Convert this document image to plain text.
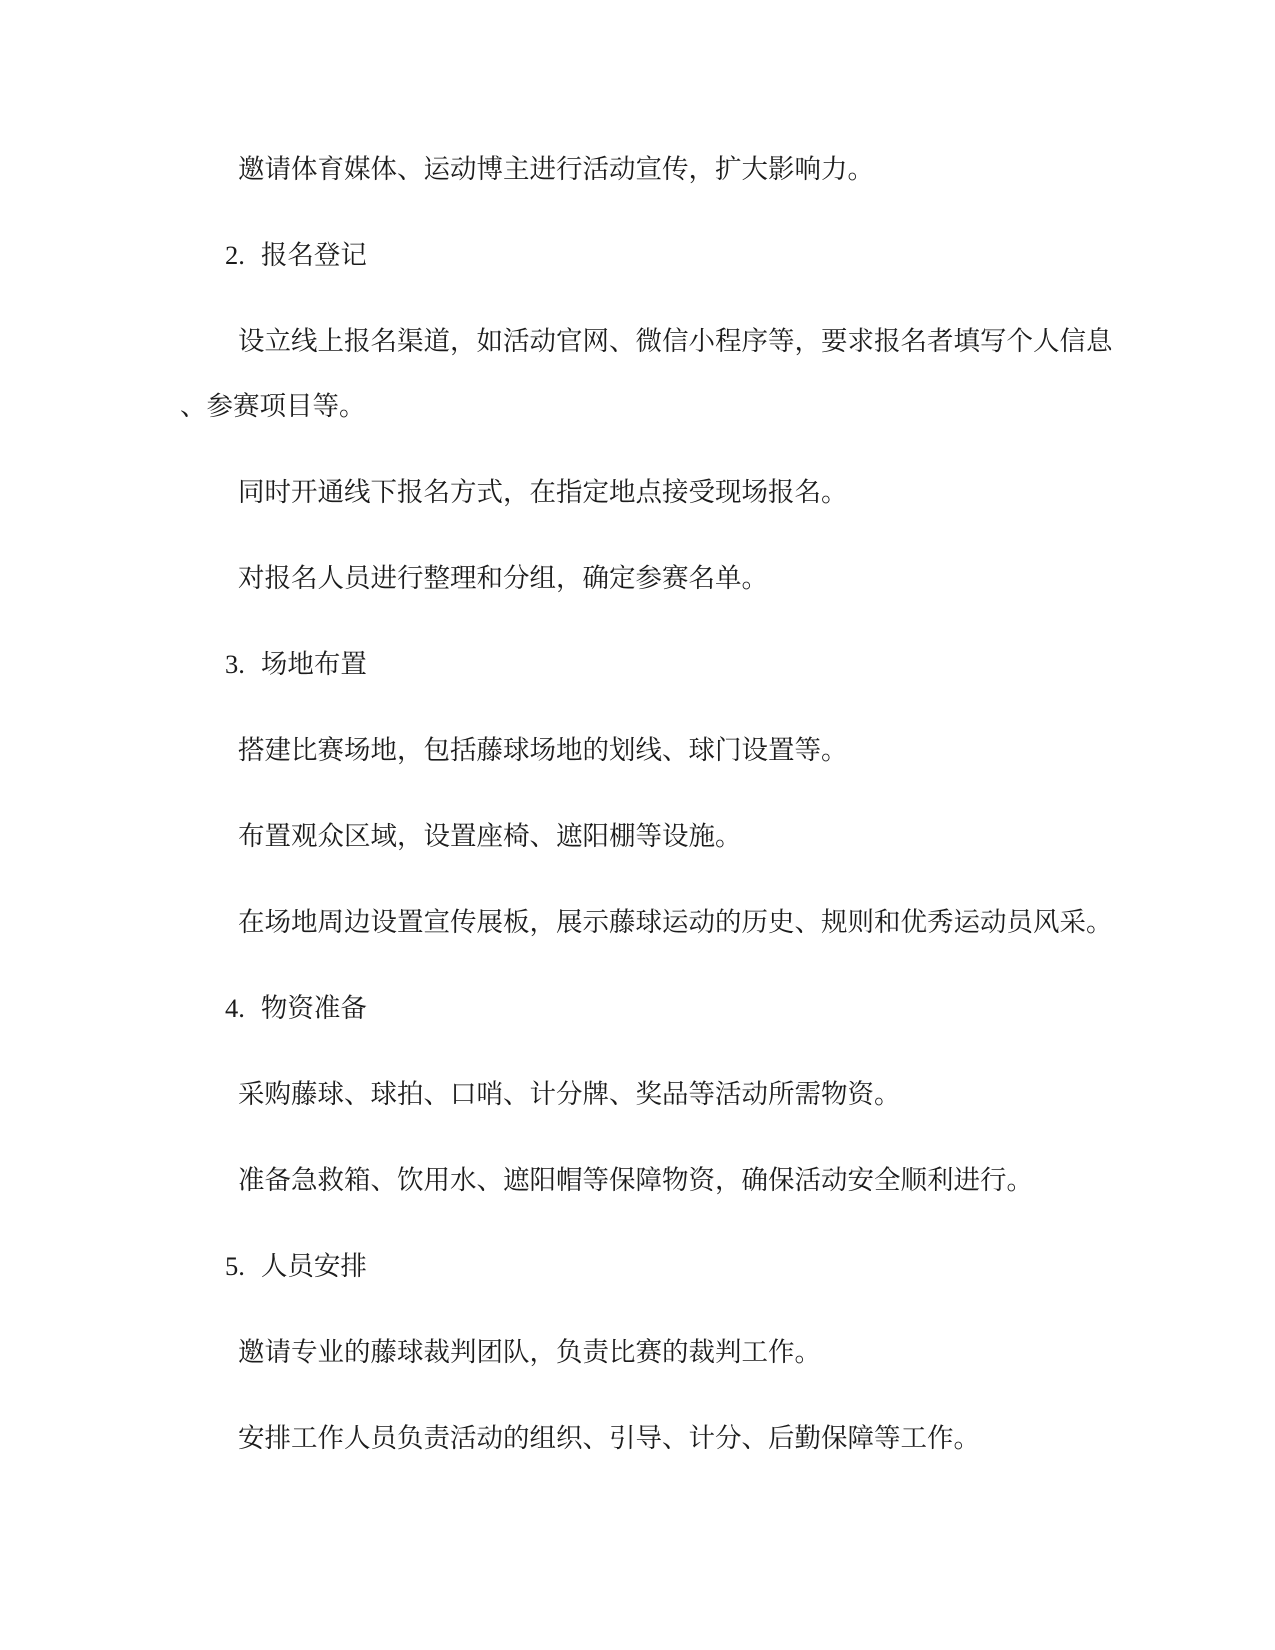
邀请体育媒体、运动博主进行活动宣传，扩大影响力。
2. 报名登记
设立线上报名渠道，如活动官网、微信小程序等，要求报名者填写个人信息
、参赛项目等。
同时开通线下报名方式，在指定地点接受现场报名。
对报名人员进行整理和分组，确定参赛名单。
3. 场地布置
搭建比赛场地，包括藤球场地的划线、球门设置等。
布置观众区域，设置座椅、遮阳棚等设施。
在场地周边设置宣传展板，展示藤球运动的历史、规则和优秀运动员风采。
4. 物资准备
采购藤球、球拍、口哨、计分牌、奖品等活动所需物资。
准备急救箱、饮用水、遮阳帽等保障物资，确保活动安全顺利进行。
5. 人员安排
邀请专业的藤球裁判团队，负责比赛的裁判工作。
安排工作人员负责活动的组织、引导、计分、后勤保障等工作。
